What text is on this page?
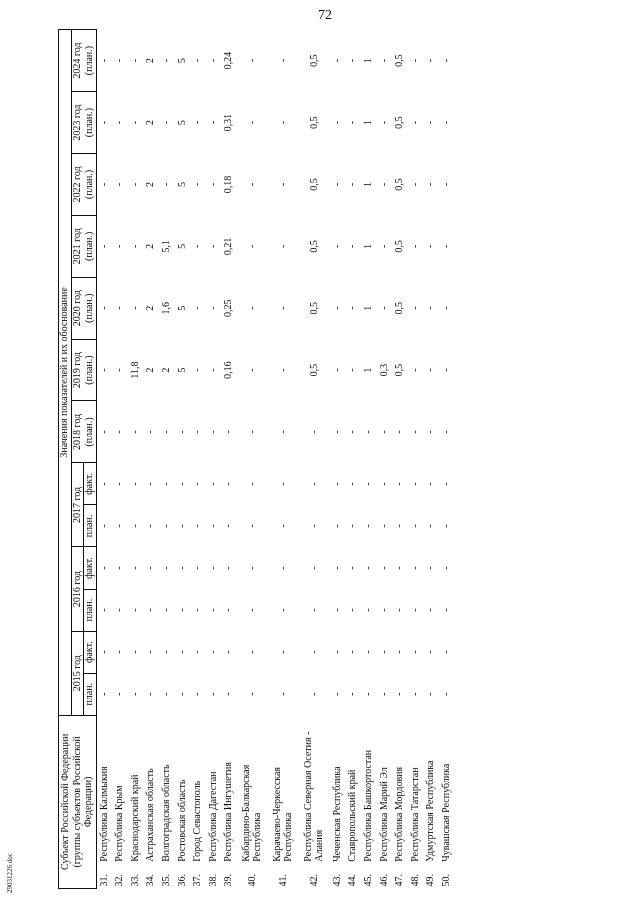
72
Субъект Российской Федерации (группы субъектов Российской Федерации)		Значения показателей и их обоснование												
		2015 год		2016 год		2017 год		2018 год (план.)	2019 год (план.)	2020 год (план.)	2021 год (план.)	2022 год (план.)	2023 год (план.)	2024 год (план.)
		план.	факт.	план.	факт.	план.	факт.							
31.	Республика Калмыкия	-	-	-	-	-	-	-	-	-	-	-	-	-
32.	Республика Крым	-	-	-	-	-	-	-	-	-	-	-	-	-
33.	Краснодарский край	-	-	-	-	-	-	-	11,8	-	-	-	-	-
34.	Астраханская область	-	-	-	-	-	-	-	2	2	2	2	2	2
35.	Волгоградская область	-	-	-	-	-	-	-	2	1,6	5,1	-	-	-
36.	Ростовская область	-	-	-	-	-	-	-	5	5	5	5	5	5
37.	Город Севастополь	-	-	-	-	-	-	-	-	-	-	-	-	-
38.	Республика Дагестан	-	-	-	-	-	-	-	-	-	-	-	-	-
39.	Республика Ингушетия	-	-	-	-	-	-	-	0,16	0,25	0,21	0,18	0,31	0,24
40.	Кабардино-Балкарская Республика	-	-	-	-	-	-	-	-	-	-	-	-	-
41.	Карачаево-Черкесская Республика	-	-	-	-	-	-	-	-	-	-	-	-	-
42.	Республика Северная Осетия - Алания	-	-	-	-	-	-	-	0,5	0,5	0,5	0,5	0,5	0,5
43.	Чеченская Республика	-	-	-	-	-	-	-	-	-	-	-	-	-
44.	Ставропольский край	-	-	-	-	-	-	-	-	-	-	-	-	-
45.	Республика Башкортостан	-	-	-	-	-	-	-	1	1	1	1	1	1
46.	Республика Марий Эл	-	-	-	-	-	-	-	0,3	-	-	-	-	-
47.	Республика Мордовия	-	-	-	-	-	-	-	0,5	0,5	0,5	0,5	0,5	0,5
48.	Республика Татарстан	-	-	-	-	-	-	-	-	-	-	-	-	-
49.	Удмуртская Республика	-	-	-	-	-	-	-	-	-	-	-	-	-
50.	Чувашская Республика	-	-	-	-	-	-	-	-	-	-	-	-	-
29031226.doc
